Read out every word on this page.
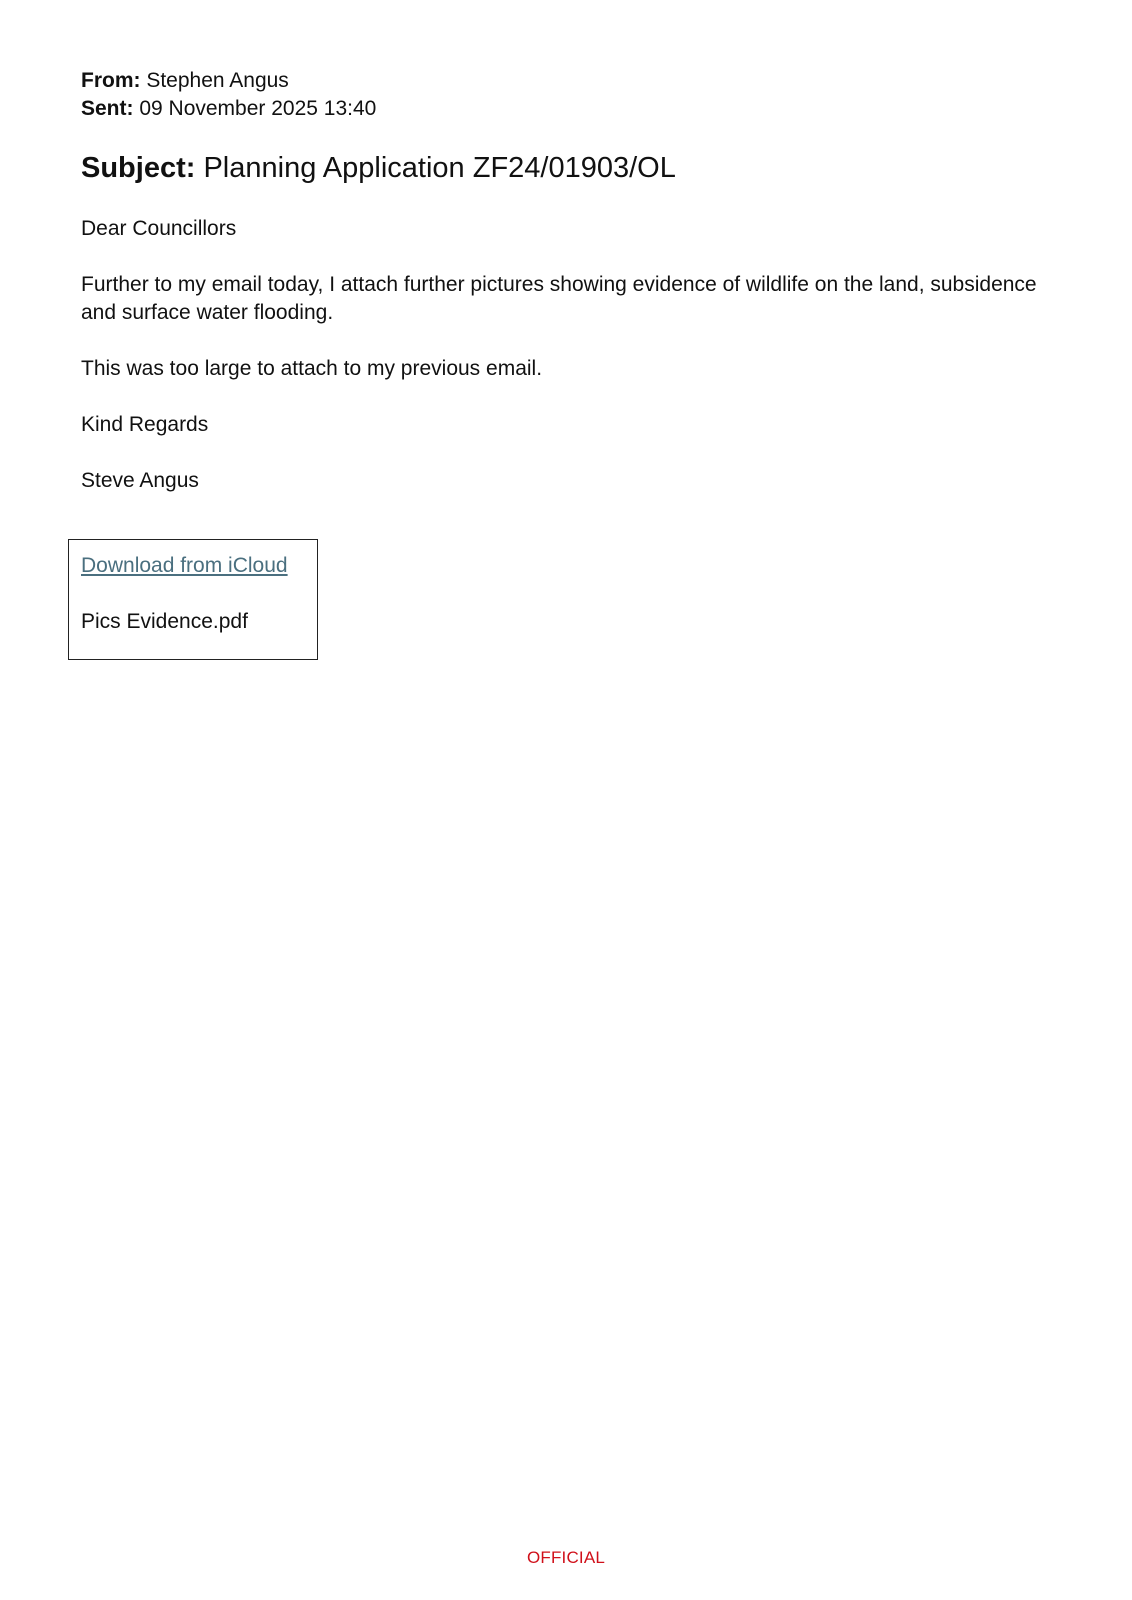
From: Stephen Angus
Sent: 09 November 2025 13:40
Subject: Planning Application ZF24/01903/OL

Dear Councillors

Further to my email today, I attach further pictures showing evidence of wildlife on the land, subsidence and surface water flooding.

This was too large to attach to my previous email.

Kind Regards

Steve Angus

Download from iCloud
Pics Evidence.pdf
OFFICIAL
